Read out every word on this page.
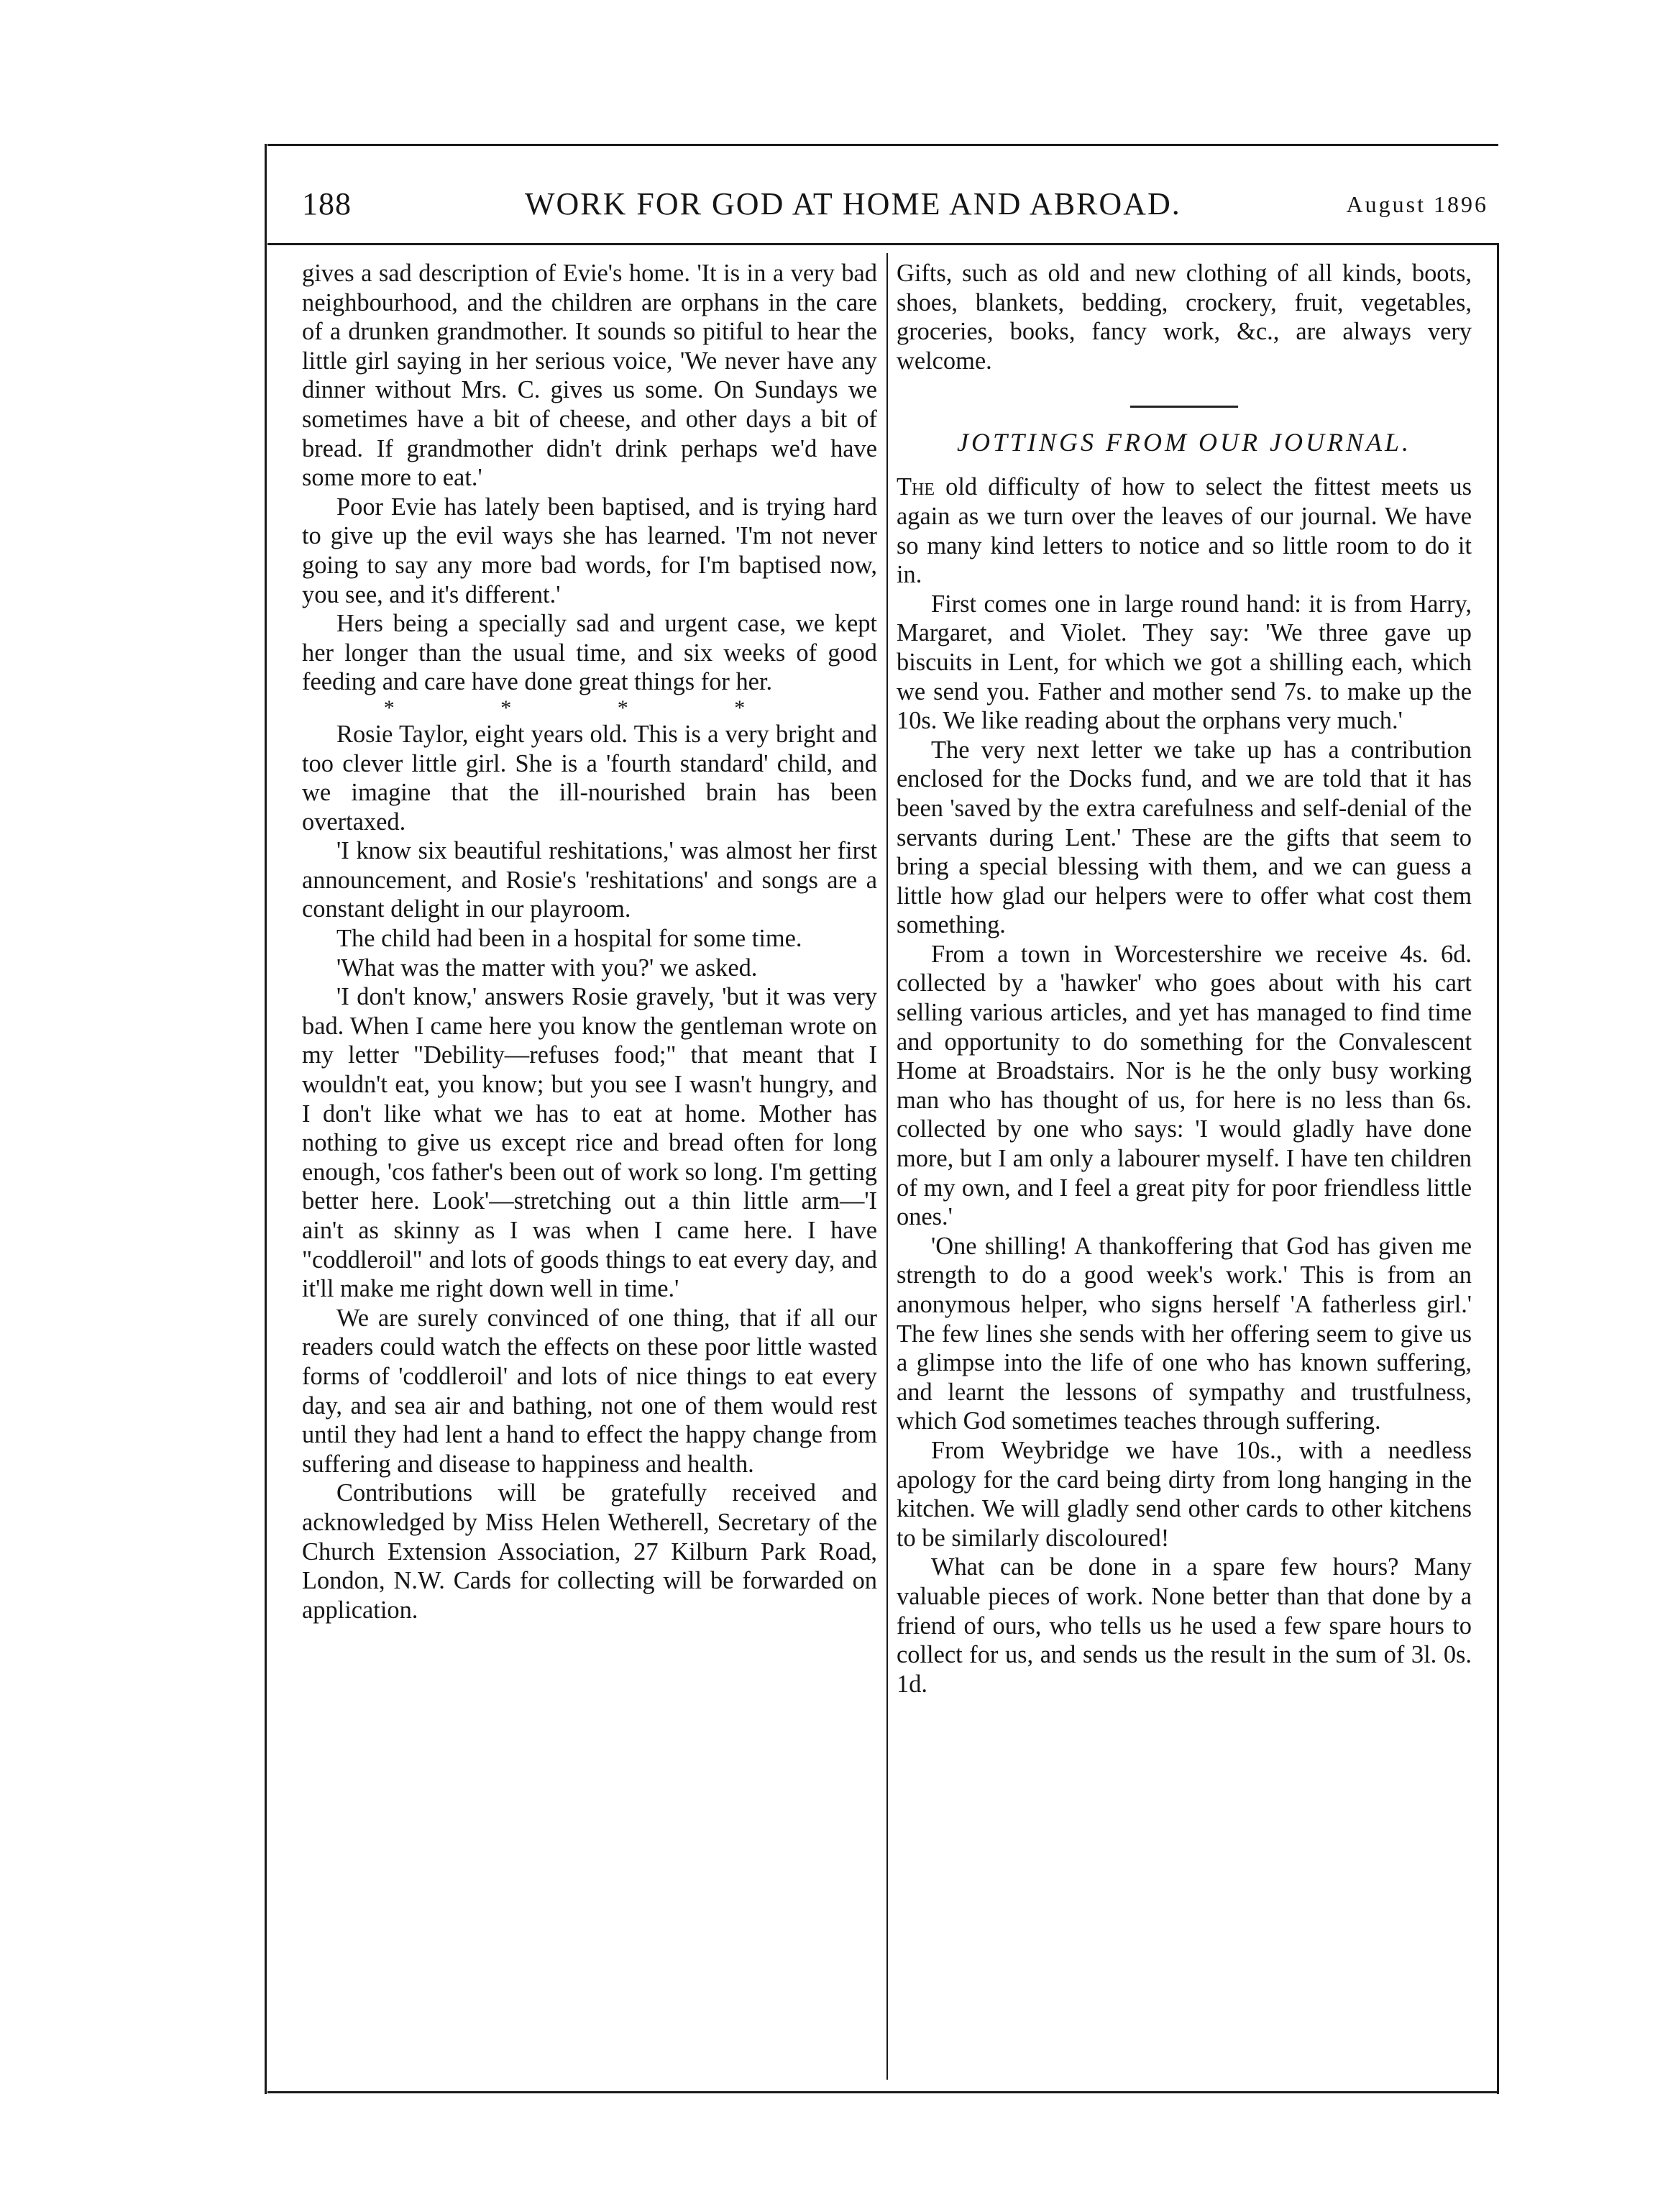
188	WORK FOR GOD AT HOME AND ABROAD.	August 1896

gives a sad description of Evie's home. 'It is in a very bad neighbourhood, and the children are orphans in the care of a drunken grandmother. It sounds so pitiful to hear the little girl saying in her serious voice, 'We never have any dinner without Mrs. C. gives us some. On Sundays we sometimes have a bit of cheese, and other days a bit of bread. If grandmother didn't drink perhaps we'd have some more to eat.'

Poor Evie has lately been baptised, and is trying hard to give up the evil ways she has learned. 'I'm not never going to say any more bad words, for I'm baptised now, you see, and it's different.'

Hers being a specially sad and urgent case, we kept her longer than the usual time, and six weeks of good feeding and care have done great things for her.

* * * *

Rosie Taylor, eight years old. This is a very bright and too clever little girl. She is a 'fourth standard' child, and we imagine that the ill-nourished brain has been overtaxed.

'I know six beautiful reshitations,' was almost her first announcement, and Rosie's 'reshitations' and songs are a constant delight in our playroom.

The child had been in a hospital for some time.

'What was the matter with you?' we asked.

'I don't know,' answers Rosie gravely, 'but it was very bad. When I came here you know the gentleman wrote on my letter "Debility—refuses food;" that meant that I wouldn't eat, you know; but you see I wasn't hungry, and I don't like what we has to eat at home. Mother has nothing to give us except rice and bread often for long enough, 'cos father's been out of work so long. I'm getting better here. Look'—stretching out a thin little arm—'I ain't as skinny as I was when I came here. I have "coddleroil" and lots of goods things to eat every day, and it'll make me right down well in time.'

We are surely convinced of one thing, that if all our readers could watch the effects on these poor little wasted forms of 'coddleroil' and lots of nice things to eat every day, and sea air and bathing, not one of them would rest until they had lent a hand to effect the happy change from suffering and disease to happiness and health.

Contributions will be gratefully received and acknowledged by Miss Helen Wetherell, Secretary of the Church Extension Association, 27 Kilburn Park Road, London, N.W. Cards for collecting will be forwarded on application.

Gifts, such as old and new clothing of all kinds, boots, shoes, blankets, bedding, crockery, fruit, vegetables, groceries, books, fancy work, &c., are always very welcome.

JOTTINGS FROM OUR JOURNAL.

The old difficulty of how to select the fittest meets us again as we turn over the leaves of our journal. We have so many kind letters to notice and so little room to do it in.

First comes one in large round hand: it is from Harry, Margaret, and Violet. They say: 'We three gave up biscuits in Lent, for which we got a shilling each, which we send you. Father and mother send 7s. to make up the 10s. We like reading about the orphans very much.'

The very next letter we take up has a contribution enclosed for the Docks fund, and we are told that it has been 'saved by the extra carefulness and self-denial of the servants during Lent.' These are the gifts that seem to bring a special blessing with them, and we can guess a little how glad our helpers were to offer what cost them something.

From a town in Worcestershire we receive 4s. 6d. collected by a 'hawker' who goes about with his cart selling various articles, and yet has managed to find time and opportunity to do something for the Convalescent Home at Broadstairs. Nor is he the only busy working man who has thought of us, for here is no less than 6s. collected by one who says: 'I would gladly have done more, but I am only a labourer myself. I have ten children of my own, and I feel a great pity for poor friendless little ones.'

'One shilling! A thankoffering that God has given me strength to do a good week's work.' This is from an anonymous helper, who signs herself 'A fatherless girl.' The few lines she sends with her offering seem to give us a glimpse into the life of one who has known suffering, and learnt the lessons of sympathy and trustfulness, which God sometimes teaches through suffering.

From Weybridge we have 10s., with a needless apology for the card being dirty from long hanging in the kitchen. We will gladly send other cards to other kitchens to be similarly discoloured!

What can be done in a spare few hours? Many valuable pieces of work. None better than that done by a friend of ours, who tells us he used a few spare hours to collect for us, and sends us the result in the sum of 3l. 0s. 1d.
